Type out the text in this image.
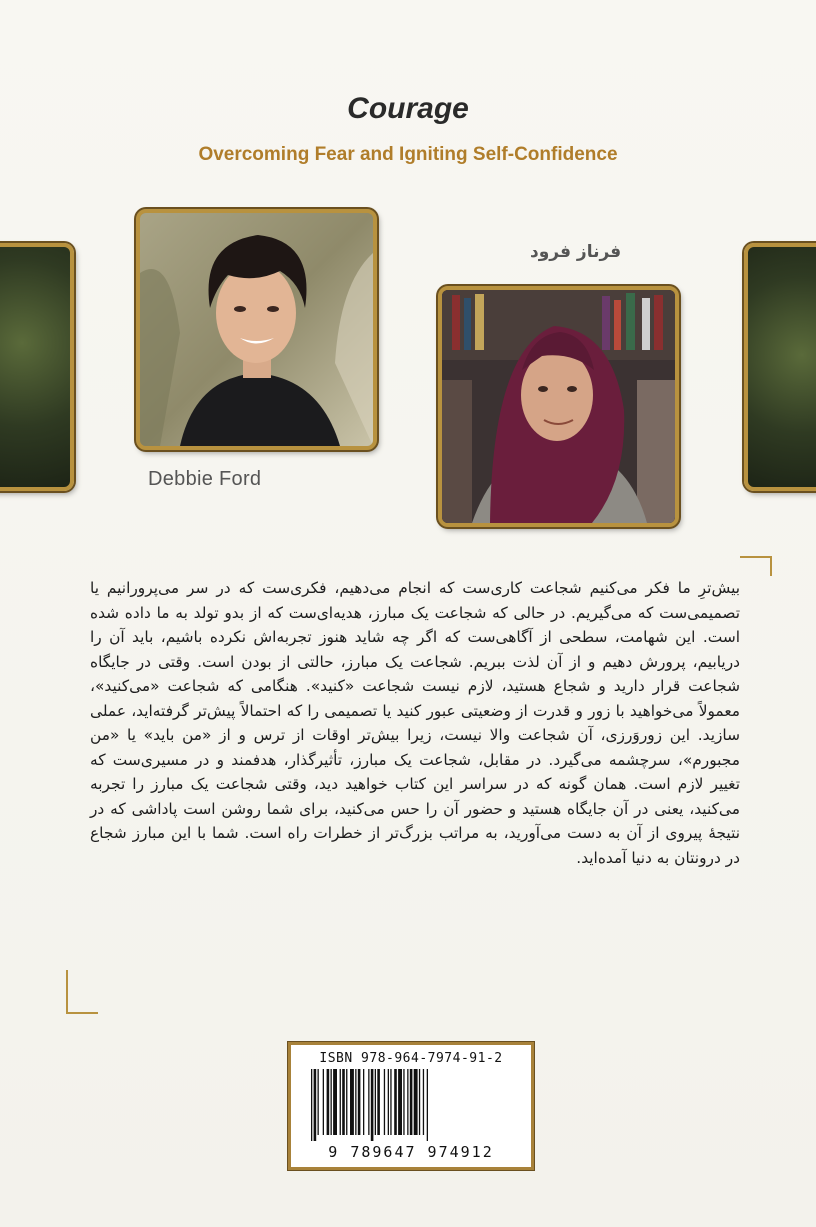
Courage
Overcoming Fear and Igniting Self-Confidence
Debbie Ford
فرناز فرود

بیش‌ترِ ما فکر می‌کنیم شجاعت کاری‌ست که انجام می‌دهیم، فکری‌ست که در سر می‌پرورانیم یا تصمیمی‌ست که می‌گیریم. در حالی که شجاعت یک مبارز، هدیه‌ای‌ست که از بدو تولد به ما داده شده است. این شهامت، سطحی از آگاهی‌ست که اگر چه شاید هنوز تجربه‌اش نکرده باشیم، باید آن را دریابیم، پرورش دهیم و از آن لذت ببریم. شجاعت یک مبارز، حالتی از بودن است. وقتی در جایگاه شجاعت قرار دارید و شجاع هستید، لازم نیست شجاعت «کنید». هنگامی که شجاعت «می‌کنید»، معمولاً می‌خواهید با زور و قدرت از وضعیتی عبور کنید یا تصمیمی را که احتمالاً پیش‌تر گرفته‌اید، عملی سازید. این زوروَرزی، آن شجاعت والا نیست، زیرا بیش‌تر اوقات از ترس و از «من باید» یا «من مجبورم»، سرچشمه می‌گیرد. در مقابل، شجاعت یک مبارز، تأثیرگذار، هدفمند و در مسیری‌ست که تغییر لازم است. همان گونه که در سراسر این کتاب خواهید دید، وقتی شجاعت یک مبارز را تجربه می‌کنید، یعنی در آن جایگاه هستید و حضور آن را حس می‌کنید، برای شما روشن است پاداشی که در نتیجهٔ پیروی از آن به دست می‌آورید، به مراتب بزرگ‌تر از خطرات راه است. شما با این مبارز شجاع در درونتان به دنیا آمده‌اید.

ISBN 978-964-7974-91-2
9 789647 974912
